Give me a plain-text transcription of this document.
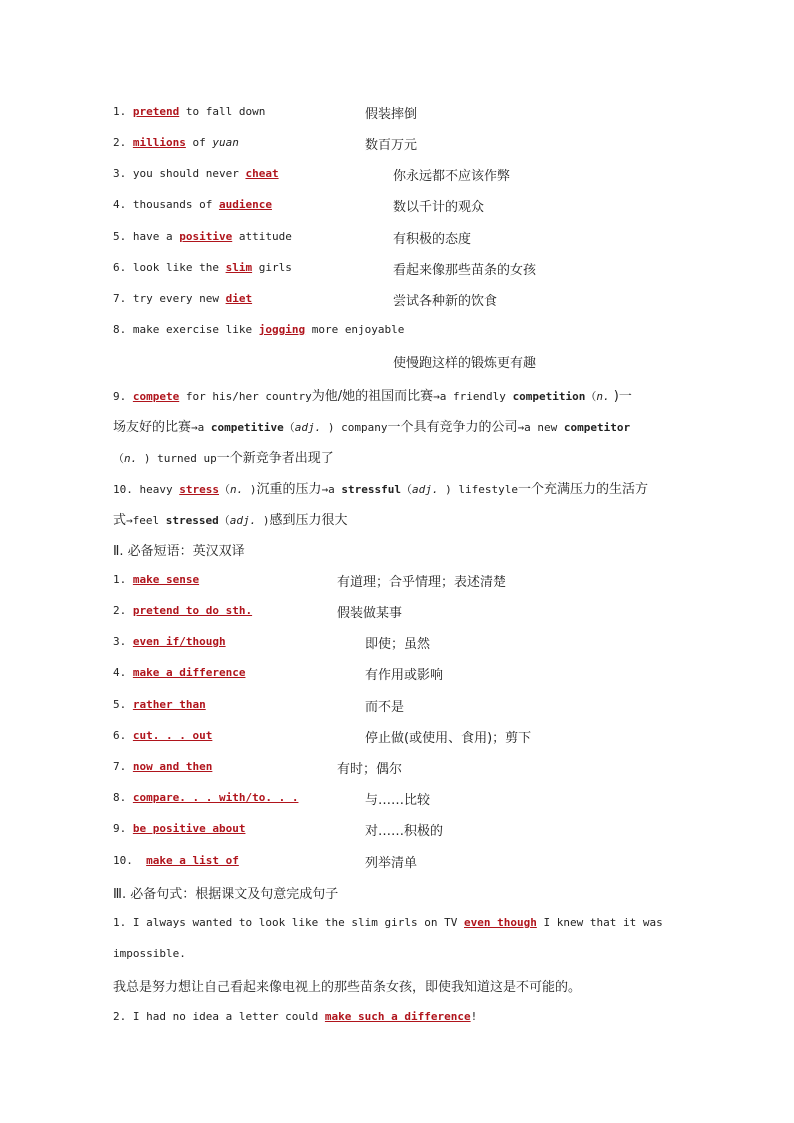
1. pretend to fall down	假装摔倒
2. millions of yuan	数百万元
3. you should never cheat	你永远都不应该作弊
4. thousands of audience	数以千计的观众
5. have a positive attitude	有积极的态度
6. look like the slim girls	看起来像那些苗条的女孩
7. try every new diet	尝试各种新的饮食
8. make exercise like jogging more enjoyable
使慢跑这样的锻炼更有趣
9. compete for his/her country为他/她的祖国而比赛→a friendly competition（n. )一
场友好的比赛→a competitive（adj. ) company一个具有竞争力的公司→a new competitor
（n. ) turned up一个新竞争者出现了
10. heavy stress（n. )沉重的压力→a stressful（adj. ) lifestyle一个充满压力的生活方
式→feel stressed（adj. )感到压力很大
Ⅱ. 必备短语：英汉双译
1. make sense	有道理；合乎情理；表述清楚
2. pretend to do sth.	假装做某事
3. even if/though	即使；虽然
4. make a difference	有作用或影响
5. rather than	而不是
6. cut. . . out	停止做(或使用、食用)；剪下
7. now and then	有时；偶尔
8. compare. . . with/to. . .	与……比较
9. be positive about	对……积极的
10. make a list of	列举清单
Ⅲ. 必备句式：根据课文及句意完成句子
1. I always wanted to look like the slim girls on TV even though I knew that it was
impossible.
我总是努力想让自己看起来像电视上的那些苗条女孩，即使我知道这是不可能的。
2. I had no idea a letter could make such a difference!
